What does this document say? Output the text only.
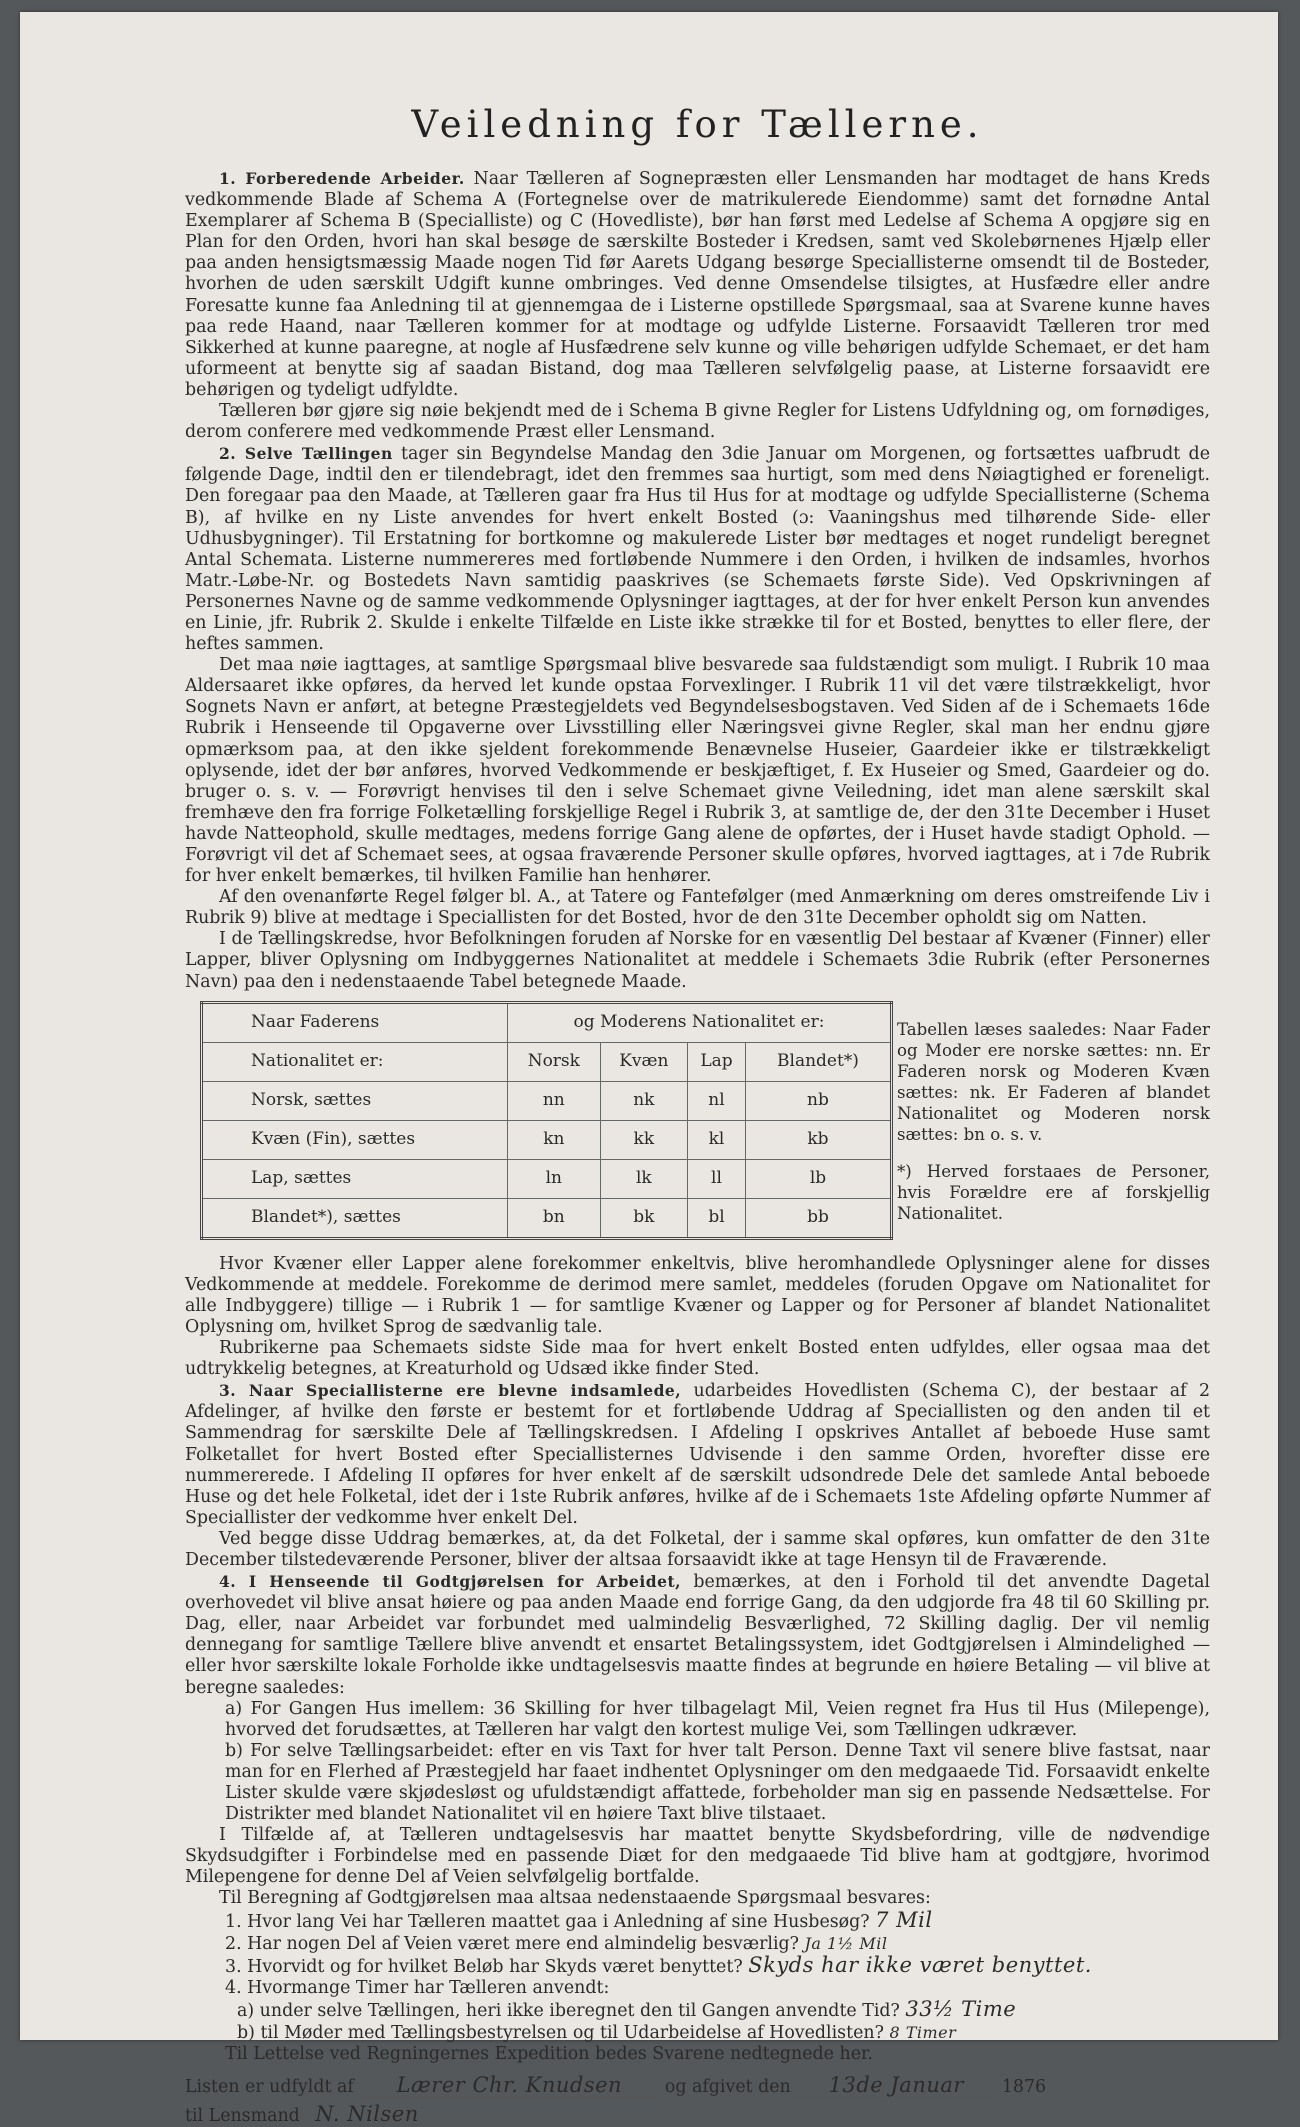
Veiledning for Tællerne.

1. Forberedende Arbeider. Naar Tælleren af Sognepræsten eller Lensmanden har modtaget de hans Kreds vedkommende Blade af Schema A (Fortegnelse over de matrikulerede Eiendomme) samt det fornødne Antal Exemplarer af Schema B (Specialliste) og C (Hovedliste), bør han først med Ledelse af Schema A opgjøre sig en Plan for den Orden, hvori han skal besøge de særskilte Bosteder i Kredsen, samt ved Skolebørnenes Hjælp eller paa anden hensigtsmæssig Maade nogen Tid før Aarets Udgang besørge Speciallisterne omsendt til de Bosteder, hvorhen de uden særskilt Udgift kunne ombringes. Ved denne Omsendelse tilsigtes, at Husfædre eller andre Foresatte kunne faa Anledning til at gjennemgaa de i Listerne opstillede Spørgsmaal, saa at Svarene kunne haves paa rede Haand, naar Tælleren kommer for at modtage og udfylde Listerne. Forsaavidt Tælleren tror med Sikkerhed at kunne paaregne, at nogle af Husfædrene selv kunne og ville behørigen udfylde Schemaet, er det ham uformeent at benytte sig af saadan Bistand, dog maa Tælleren selvfølgelig paase, at Listerne forsaavidt ere behørigen og tydeligt udfyldte.

Tælleren bør gjøre sig nøie bekjendt med de i Schema B givne Regler for Listens Udfyldning og, om fornødiges, derom conferere med vedkommende Præst eller Lensmand.

2. Selve Tællingen tager sin Begyndelse Mandag den 3die Januar om Morgenen, og fortsættes uafbrudt de følgende Dage, indtil den er tilendebragt, idet den fremmes saa hurtigt, som med dens Nøiagtighed er foreneligt. Den foregaar paa den Maade, at Tælleren gaar fra Hus til Hus for at modtage og udfylde Speciallisterne (Schema B), af hvilke en ny Liste anvendes for hvert enkelt Bosted (ɔ: Vaaningshus med tilhørende Side- eller Udhusbygninger). Til Erstatning for bortkomne og makulerede Lister bør medtages et noget rundeligt beregnet Antal Schemata. Listerne nummereres med fortløbende Nummere i den Orden, i hvilken de indsamles, hvorhos Matr.-Løbe-Nr. og Bostedets Navn samtidig paaskrives (se Schemaets første Side). Ved Opskrivningen af Personernes Navne og de samme vedkommende Oplysninger iagttages, at der for hver enkelt Person kun anvendes en Linie, jfr. Rubrik 2. Skulde i enkelte Tilfælde en Liste ikke strække til for et Bosted, benyttes to eller flere, der heftes sammen.

Det maa nøie iagttages, at samtlige Spørgsmaal blive besvarede saa fuldstændigt som muligt. I Rubrik 10 maa Aldersaaret ikke opføres, da herved let kunde opstaa Forvexlinger. I Rubrik 11 vil det være tilstrækkeligt, hvor Sognets Navn er anført, at betegne Præstegjeldets ved Begyndelsesbogstaven. Ved Siden af de i Schemaets 16de Rubrik i Henseende til Opgaverne over Livsstilling eller Næringsvei givne Regler, skal man her endnu gjøre opmærksom paa, at den ikke sjeldent forekommende Benævnelse Huseier, Gaardeier ikke er tilstrækkeligt oplysende, idet der bør anføres, hvorved Vedkommende er beskjæftiget, f. Ex Huseier og Smed, Gaardeier og do. bruger o. s. v. — Forøvrigt henvises til den i selve Schemaet givne Veiledning, idet man alene særskilt skal fremhæve den fra forrige Folketælling forskjellige Regel i Rubrik 3, at samtlige de, der den 31te December i Huset havde Natteophold, skulle medtages, medens forrige Gang alene de opførtes, der i Huset havde stadigt Ophold. — Forøvrigt vil det af Schemaet sees, at ogsaa fraværende Personer skulle opføres, hvorved iagttages, at i 7de Rubrik for hver enkelt bemærkes, til hvilken Familie han henhører.

Af den ovenanførte Regel følger bl. A., at Tatere og Fantefølger (med Anmærkning om deres omstreifende Liv i Rubrik 9) blive at medtage i Speciallisten for det Bosted, hvor de den 31te December opholdt sig om Natten.

I de Tællingskredse, hvor Befolkningen foruden af Norske for en væsentlig Del bestaar af Kvæner (Finner) eller Lapper, bliver Oplysning om Indbyggernes Nationalitet at meddele i Schemaets 3die Rubrik (efter Personernes Navn) paa den i nedenstaaende Tabel betegnede Maade.

Naar Faderens	og Moderens Nationalitet er:			
Nationalitet er:	Norsk	Kvæn	Lap	Blandet*)
Norsk, sættes	nn	nk	nl	nb
Kvæn (Fin), sættes	kn	kk	kl	kb
Lap, sættes	ln	lk	ll	lb
Blandet*), sættes	bn	bk	bl	bb
Tabellen læses saaledes: Naar Fader og Moder ere norske sættes: nn. Er Faderen norsk og Moderen Kvæn sættes: nk. Er Faderen af blandet Nationalitet og Moderen norsk sættes: bn o. s. v.
*) Herved forstaaes de Personer, hvis Forældre ere af forskjellig Nationalitet.

Hvor Kvæner eller Lapper alene forekommer enkeltvis, blive heromhandlede Oplysninger alene for disses Vedkommende at meddele. Forekomme de derimod mere samlet, meddeles (foruden Opgave om Nationalitet for alle Indbyggere) tillige — i Rubrik 1 — for samtlige Kvæner og Lapper og for Personer af blandet Nationalitet Oplysning om, hvilket Sprog de sædvanlig tale.

Rubrikerne paa Schemaets sidste Side maa for hvert enkelt Bosted enten udfyldes, eller ogsaa maa det udtrykkelig betegnes, at Kreaturhold og Udsæd ikke finder Sted.

3. Naar Speciallisterne ere blevne indsamlede, udarbeides Hovedlisten (Schema C), der bestaar af 2 Afdelinger, af hvilke den første er bestemt for et fortløbende Uddrag af Speciallisten og den anden til et Sammendrag for særskilte Dele af Tællingskredsen. I Afdeling I opskrives Antallet af beboede Huse samt Folketallet for hvert Bosted efter Speciallisternes Udvisende i den samme Orden, hvorefter disse ere nummererede. I Afdeling II opføres for hver enkelt af de særskilt udsondrede Dele det samlede Antal beboede Huse og det hele Folketal, idet der i 1ste Rubrik anføres, hvilke af de i Schemaets 1ste Afdeling opførte Nummer af Speciallister der vedkomme hver enkelt Del.

Ved begge disse Uddrag bemærkes, at, da det Folketal, der i samme skal opføres, kun omfatter de den 31te December tilstedeværende Personer, bliver der altsaa forsaavidt ikke at tage Hensyn til de Fraværende.

4. I Henseende til Godtgjørelsen for Arbeidet, bemærkes, at den i Forhold til det anvendte Dagetal overhovedet vil blive ansat høiere og paa anden Maade end forrige Gang, da den udgjorde fra 48 til 60 Skilling pr. Dag, eller, naar Arbeidet var forbundet med ualmindelig Besværlighed, 72 Skilling daglig. Der vil nemlig dennegang for samtlige Tællere blive anvendt et ensartet Betalingssystem, idet Godtgjørelsen i Almindelighed — eller hvor særskilte lokale Forholde ikke undtagelsesvis maatte findes at begrunde en høiere Betaling — vil blive at beregne saaledes:

a) For Gangen Hus imellem: 36 Skilling for hver tilbagelagt Mil, Veien regnet fra Hus til Hus (Milepenge), hvorved det forudsættes, at Tælleren har valgt den kortest mulige Vei, som Tællingen udkræver.

b) For selve Tællingsarbeidet: efter en vis Taxt for hver talt Person. Denne Taxt vil senere blive fastsat, naar man for en Flerhed af Præstegjeld har faaet indhentet Oplysninger om den medgaaede Tid. Forsaavidt enkelte Lister skulde være skjødesløst og ufuldstændigt affattede, forbeholder man sig en passende Nedsættelse. For Distrikter med blandet Nationalitet vil en høiere Taxt blive tilstaaet.

I Tilfælde af, at Tælleren undtagelsesvis har maattet benytte Skydsbefordring, ville de nødvendige Skydsudgifter i Forbindelse med en passende Diæt for den medgaaede Tid blive ham at godtgjøre, hvorimod Milepengene for denne Del af Veien selvfølgelig bortfalde.

Til Beregning af Godtgjørelsen maa altsaa nedenstaaende Spørgsmaal besvares:

1. Hvor lang Vei har Tælleren maattet gaa i Anledning af sine Husbesøg? 7 Mil

2. Har nogen Del af Veien været mere end almindelig besværlig? Ja 1½ Mil

3. Hvorvidt og for hvilket Beløb har Skyds været benyttet? Skyds har ikke været benyttet.

4. Hvormange Timer har Tælleren anvendt:

a) under selve Tællingen, heri ikke iberegnet den til Gangen anvendte Tid? 33½ Time

b) til Møder med Tællingsbestyrelsen og til Udarbeidelse af Hovedlisten? 8 Timer

Til Lettelse ved Regningernes Expedition bedes Svarene nedtegnede her.

Listen er udfyldt af Lærer Chr. Knudsen og afgivet den 13de Januar 1876

til Lensmand N. Nilsen
